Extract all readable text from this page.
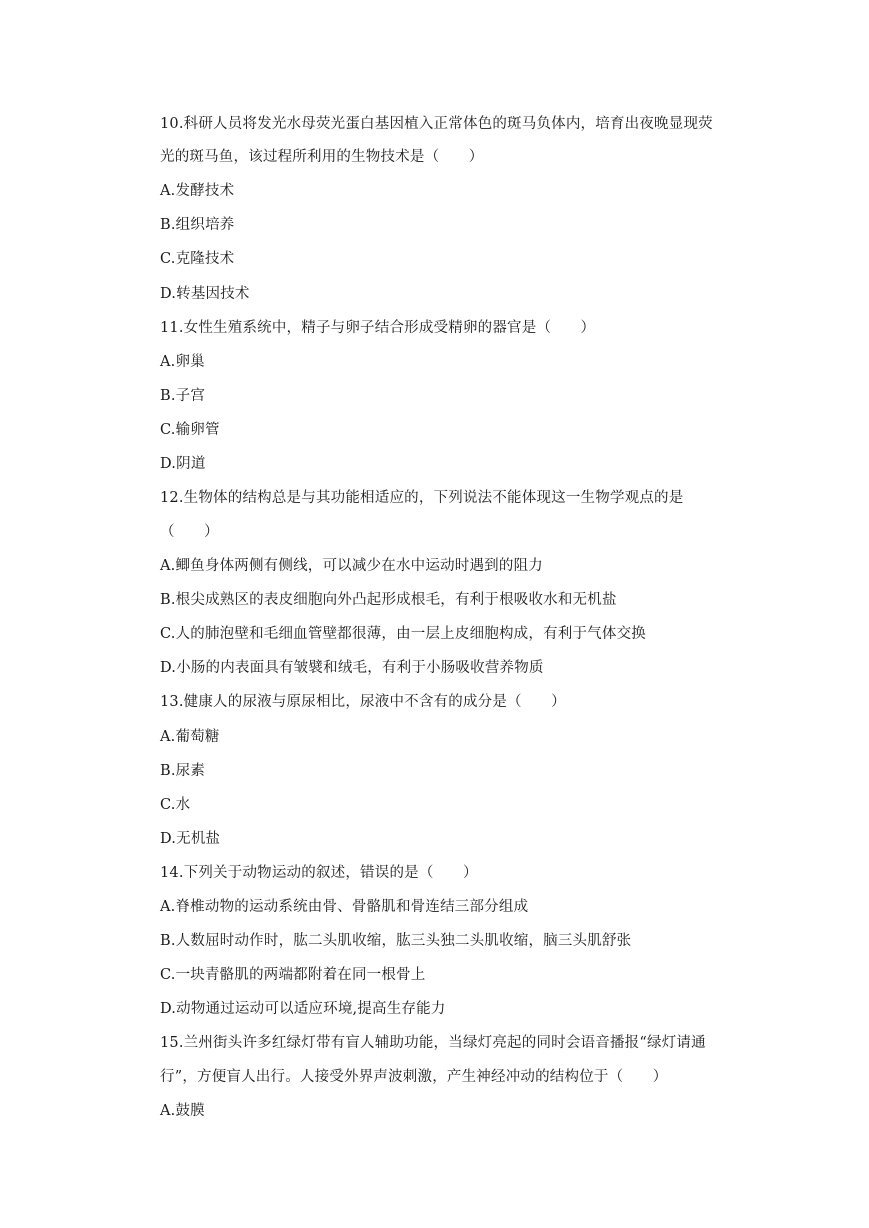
10.科研人员将发光水母荧光蛋白基因植入正常体色的斑马负体内，培育出夜晚显现荧
光的斑马鱼，该过程所利用的生物技术是（　　）
A.发酵技术
B.组织培养
C.克隆技术
D.转基因技术
11.女性生殖系统中，精子与卵子结合形成受精卵的器官是（　　）
A.卵巢
B.子宫
C.输卵管
D.阴道
12.生物体的结构总是与其功能相适应的，下列说法不能体现这一生物学观点的是
（　　）
A.鲫鱼身体两侧有侧线，可以减少在水中运动时遇到的阻力
B.根尖成熟区的表皮细胞向外凸起形成根毛，有利于根吸收水和无机盐
C.人的肺泡壁和毛细血管壁都很薄，由一层上皮细胞构成，有利于气体交换
D.小肠的内表面具有皱襞和绒毛，有利于小肠吸收营养物质
13.健康人的尿液与原尿相比，尿液中不含有的成分是（　　）
A.葡萄糖
B.尿素
C.水
D.无机盐
14.下列关于动物运动的叙述，错误的是（　　）
A.脊椎动物的运动系统由骨、骨骼肌和骨连结三部分组成
B.人数屈时动作时，肱二头肌收缩，肱三头独二头肌收缩，脑三头肌舒张
C.一块青骼肌的两端都附着在同一根骨上
D.动物通过运动可以适应环境,提高生存能力
15.兰州街头许多红绿灯带有盲人辅助功能，当绿灯亮起的同时会语音播报“绿灯请通
行”，方便盲人出行。人接受外界声波刺激，产生神经冲动的结构位于（　　）
A.鼓膜
